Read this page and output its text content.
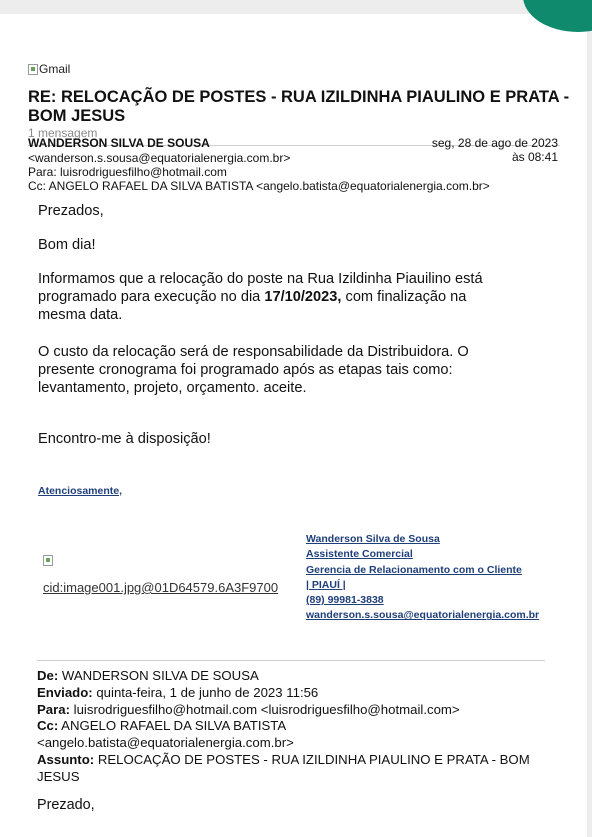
Gmail
RE: RELOCAÇÃO DE POSTES - RUA IZILDINHA PIAULINO E PRATA - BOM JESUS
1 mensagem
WANDERSON SILVA DE SOUSA
<wanderson.s.sousa@equatorialenergia.com.br>
Para: luisrodriguesfilho@hotmail.com
Cc: ANGELO RAFAEL DA SILVA BATISTA <angelo.batista@equatorialenergia.com.br>
seg, 28 de ago de 2023
às 08:41
Prezados,
Bom dia!
Informamos que a relocação do poste na Rua Izildinha Piauilino está programado para execução no dia 17/10/2023, com finalização na mesma data.
O custo da relocação será de responsabilidade da Distribuidora. O presente cronograma foi programado após as etapas tais como: levantamento, projeto, orçamento. aceite.
Encontro-me à disposição!
Atenciosamente,
cid:image001.jpg@01D64579.6A3F9700
Wanderson Silva de Sousa
Assistente Comercial
Gerencia de Relacionamento com o Cliente
| PIAUÍ |
(89) 99981-3838
wanderson.s.sousa@equatorialenergia.com.br
De: WANDERSON SILVA DE SOUSA
Enviado: quinta-feira, 1 de junho de 2023 11:56
Para: luisrodriguesfilho@hotmail.com <luisrodriguesfilho@hotmail.com>
Cc: ANGELO RAFAEL DA SILVA BATISTA
<angelo.batista@equatorialenergia.com.br>
Assunto: RELOCAÇÃO DE POSTES - RUA IZILDINHA PIAULINO E PRATA - BOM JESUS
Prezado,
